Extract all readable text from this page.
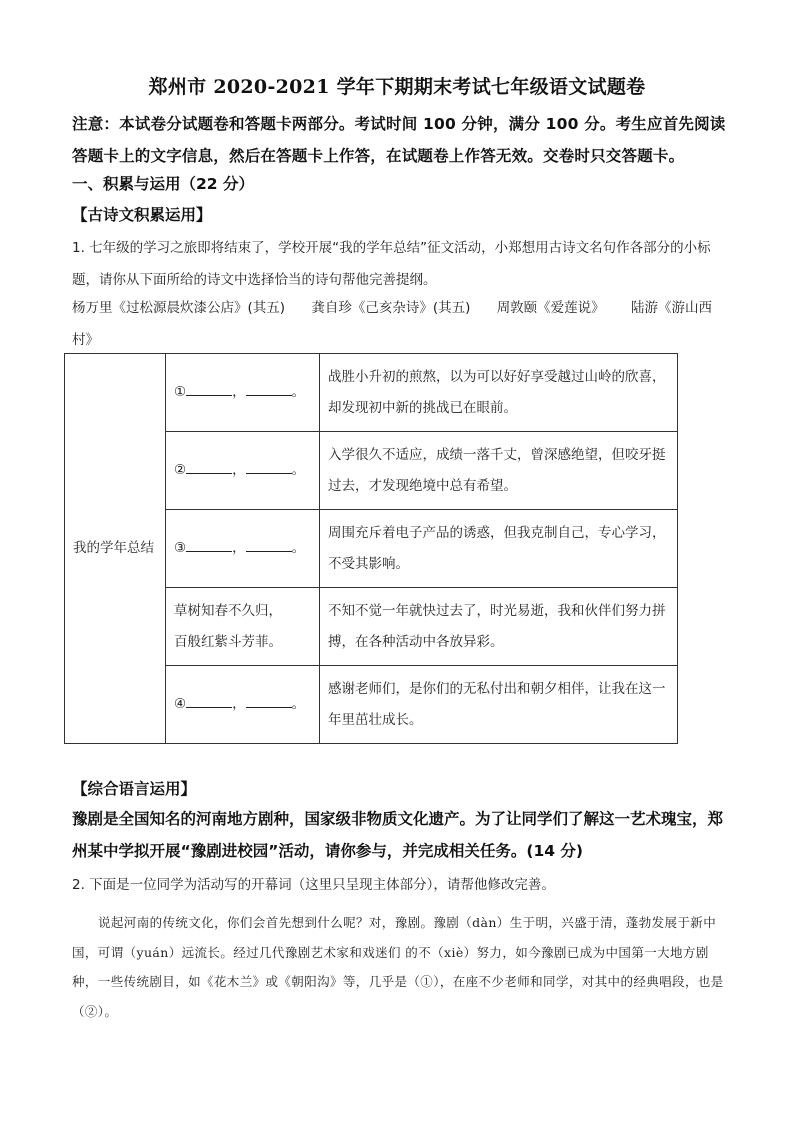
郑州市 2020-2021 学年下期期末考试七年级语文试题卷
注意：本试卷分试题卷和答题卡两部分。考试时间 100 分钟，满分 100 分。考生应首先阅读答题卡上的文字信息，然后在答题卡上作答，在试题卷上作答无效。交卷时只交答题卡。
一、积累与运用（22 分）
【古诗文积累运用】
1. 七年级的学习之旅即将结束了，学校开展“我的学年总结”征文活动，小郑想用古诗文名句作各部分的小标题，请你从下面所给的诗文中选择恰当的诗句帮他完善提纲。
杨万里《过松源晨炊漆公店》(其五) 龚自珍《己亥杂诗》(其五) 周敦颐《爱莲说》 陆游《游山西村》
我的学年总结	① ， 。	战胜小升初的煎熬，以为可以好好享受越过山岭的欣喜，却发现初中新的挑战已在眼前。
	② ， 。	入学很久不适应，成绩一落千丈，曾深感绝望，但咬牙挺过去，才发现绝境中总有希望。
	③ ， 。	周围充斥着电子产品的诱惑，但我克制自己，专心学习，不受其影响。

	草树知春不久归，
百般红紫斗芳菲。	不知不觉一年就快过去了，时光易逝，我和伙伴们努力拼搏，在各种活动中各放异彩。
	④ ， 。	感谢老师们，是你们的无私付出和朝夕相伴，让我在这一年里茁壮成长。
【综合语言运用】
豫剧是全国知名的河南地方剧种，国家级非物质文化遗产。为了让同学们了解这一艺术瑰宝，郑州某中学拟开展“豫剧进校园”活动，请你参与，并完成相关任务。(14 分)
2. 下面是一位同学为活动写的开幕词（这里只呈现主体部分），请帮他修改完善。
说起河南的传统文化，你们会首先想到什么呢？对，豫剧。豫剧（dàn）生于明，兴盛于清，蓬勃发展于新中国，可谓（yuán）远流长。经过几代豫剧艺术家和戏迷们 的不（xiè）努力，如今豫剧已成为中国第一大地方剧种，一些传统剧目，如《花木兰》或《朝阳沟》等，几乎是（①），在座不少老师和同学，对其中的经典唱段，也是（②）。
